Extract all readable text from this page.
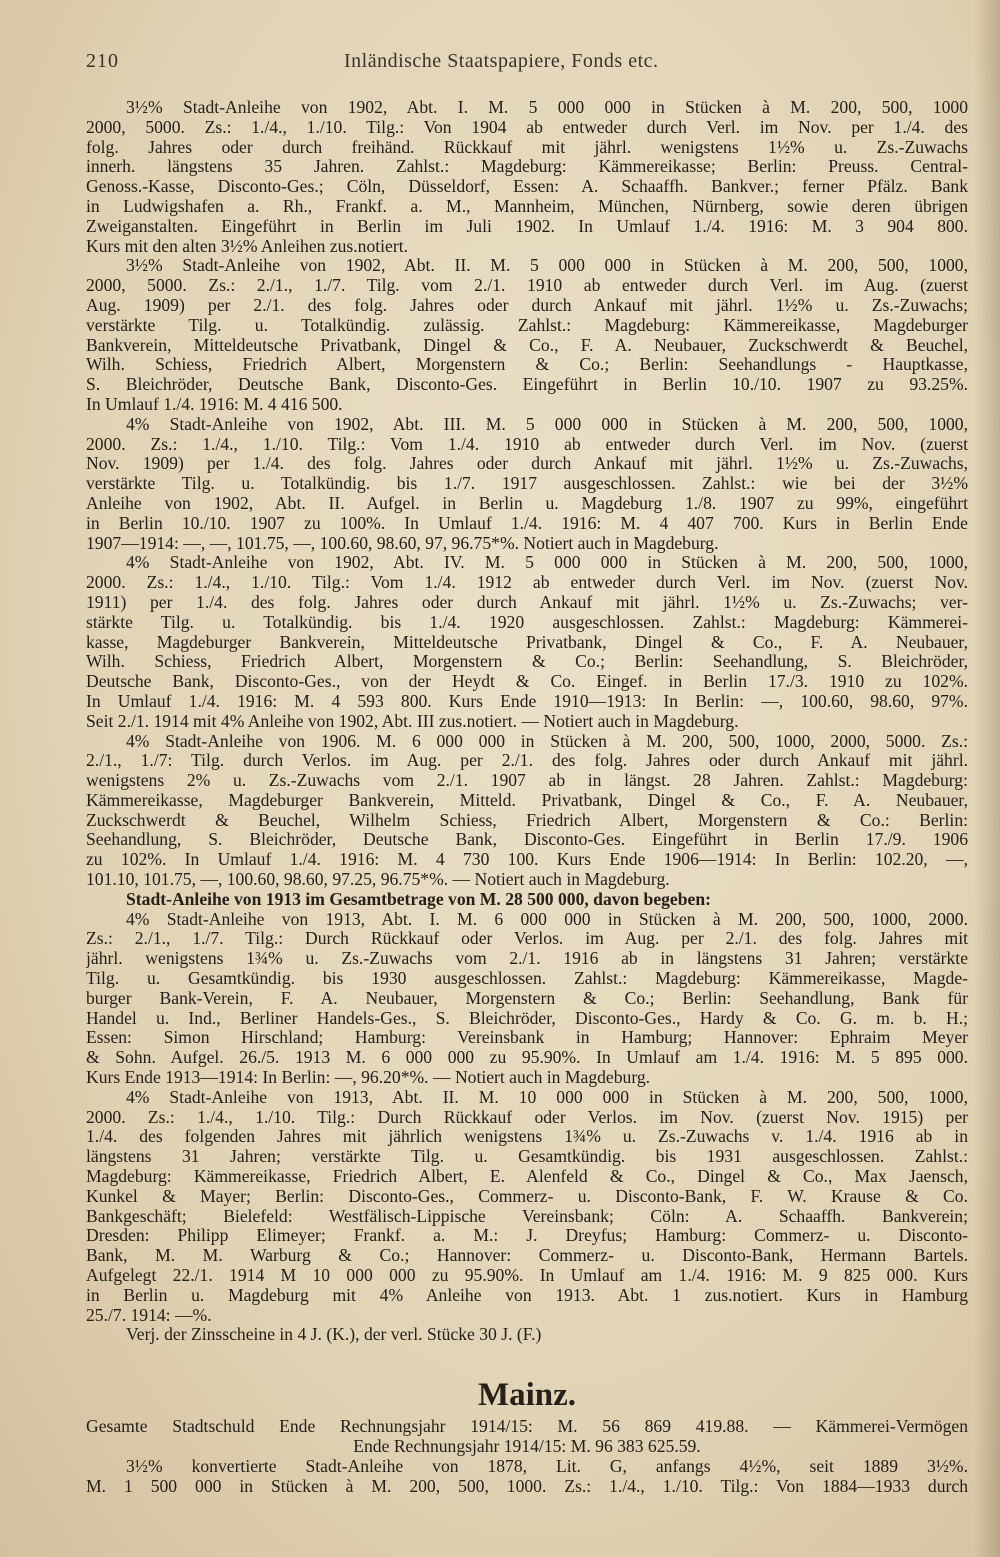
210	Inländische Staatspapiere, Fonds etc.
3½% Stadt-Anleihe von 1902, Abt. I. M. 5 000 000 in Stücken à M. 200, 500, 1000
2000, 5000. Zs.: 1./4., 1./10. Tilg.: Von 1904 ab entweder durch Verl. im Nov. per 1./4. des
folg. Jahres oder durch freihänd. Rückkauf mit jährl. wenigstens 1½% u. Zs.-Zuwachs
innerh. längstens 35 Jahren. Zahlst.: Magdeburg: Kämmereikasse; Berlin: Preuss. Central-
Genoss.-Kasse, Disconto-Ges.; Cöln, Düsseldorf, Essen: A. Schaaffh. Bankver.; ferner Pfälz. Bank
in Ludwigshafen a. Rh., Frankf. a. M., Mannheim, München, Nürnberg, sowie deren übrigen
Zweiganstalten. Eingeführt in Berlin im Juli 1902. In Umlauf 1./4. 1916: M. 3 904 800.
Kurs mit den alten 3½% Anleihen zus.notiert.
3½% Stadt-Anleihe von 1902, Abt. II. M. 5 000 000 in Stücken à M. 200, 500, 1000,
2000, 5000. Zs.: 2./1., 1./7. Tilg. vom 2./1. 1910 ab entweder durch Verl. im Aug. (zuerst
Aug. 1909) per 2./1. des folg. Jahres oder durch Ankauf mit jährl. 1½% u. Zs.-Zuwachs;
verstärkte Tilg. u. Totalkündig. zulässig. Zahlst.: Magdeburg: Kämmereikasse, Magdeburger
Bankverein, Mitteldeutsche Privatbank, Dingel & Co., F. A. Neubauer, Zuckschwerdt & Beuchel,
Wilh. Schiess, Friedrich Albert, Morgenstern & Co.; Berlin: Seehandlungs - Hauptkasse,
S. Bleichröder, Deutsche Bank, Disconto-Ges. Eingeführt in Berlin 10./10. 1907 zu 93.25%.
In Umlauf 1./4. 1916: M. 4 416 500.
4% Stadt-Anleihe von 1902, Abt. III. M. 5 000 000 in Stücken à M. 200, 500, 1000,
2000. Zs.: 1./4., 1./10. Tilg.: Vom 1./4. 1910 ab entweder durch Verl. im Nov. (zuerst
Nov. 1909) per 1./4. des folg. Jahres oder durch Ankauf mit jährl. 1½% u. Zs.-Zuwachs,
verstärkte Tilg. u. Totalkündig. bis 1./7. 1917 ausgeschlossen. Zahlst.: wie bei der 3½%
Anleihe von 1902, Abt. II. Aufgel. in Berlin u. Magdeburg 1./8. 1907 zu 99%, eingeführt
in Berlin 10./10. 1907 zu 100%. In Umlauf 1./4. 1916: M. 4 407 700. Kurs in Berlin Ende
1907—1914: —, —, 101.75, —, 100.60, 98.60, 97, 96.75*%. Notiert auch in Magdeburg.
4% Stadt-Anleihe von 1902, Abt. IV. M. 5 000 000 in Stücken à M. 200, 500, 1000,
2000. Zs.: 1./4., 1./10. Tilg.: Vom 1./4. 1912 ab entweder durch Verl. im Nov. (zuerst Nov.
1911) per 1./4. des folg. Jahres oder durch Ankauf mit jährl. 1½% u. Zs.-Zuwachs; ver-
stärkte Tilg. u. Totalkündig. bis 1./4. 1920 ausgeschlossen. Zahlst.: Magdeburg: Kämmerei-
kasse, Magdeburger Bankverein, Mitteldeutsche Privatbank, Dingel & Co., F. A. Neubauer,
Wilh. Schiess, Friedrich Albert, Morgenstern & Co.; Berlin: Seehandlung, S. Bleichröder,
Deutsche Bank, Disconto-Ges., von der Heydt & Co. Eingef. in Berlin 17./3. 1910 zu 102%.
In Umlauf 1./4. 1916: M. 4 593 800. Kurs Ende 1910—1913: In Berlin: —, 100.60, 98.60, 97%.
Seit 2./1. 1914 mit 4% Anleihe von 1902, Abt. III zus.notiert. — Notiert auch in Magdeburg.
4% Stadt-Anleihe von 1906. M. 6 000 000 in Stücken à M. 200, 500, 1000, 2000, 5000. Zs.:
2./1., 1./7: Tilg. durch Verlos. im Aug. per 2./1. des folg. Jahres oder durch Ankauf mit jährl.
wenigstens 2% u. Zs.-Zuwachs vom 2./1. 1907 ab in längst. 28 Jahren. Zahlst.: Magdeburg:
Kämmereikasse, Magdeburger Bankverein, Mitteld. Privatbank, Dingel & Co., F. A. Neubauer,
Zuckschwerdt & Beuchel, Wilhelm Schiess, Friedrich Albert, Morgenstern & Co.: Berlin:
Seehandlung, S. Bleichröder, Deutsche Bank, Disconto-Ges. Eingeführt in Berlin 17./9. 1906
zu 102%. In Umlauf 1./4. 1916: M. 4 730 100. Kurs Ende 1906—1914: In Berlin: 102.20, —,
101.10, 101.75, —, 100.60, 98.60, 97.25, 96.75*%. — Notiert auch in Magdeburg.
Stadt-Anleihe von 1913 im Gesamtbetrage von M. 28 500 000, davon begeben:
4% Stadt-Anleihe von 1913, Abt. I. M. 6 000 000 in Stücken à M. 200, 500, 1000, 2000.
Zs.: 2./1., 1./7. Tilg.: Durch Rückkauf oder Verlos. im Aug. per 2./1. des folg. Jahres mit
jährl. wenigstens 1¾% u. Zs.-Zuwachs vom 2./1. 1916 ab in längstens 31 Jahren; verstärkte
Tilg. u. Gesamtkündig. bis 1930 ausgeschlossen. Zahlst.: Magdeburg: Kämmereikasse, Magde-
burger Bank-Verein, F. A. Neubauer, Morgenstern & Co.; Berlin: Seehandlung, Bank für
Handel u. Ind., Berliner Handels-Ges., S. Bleichröder, Disconto-Ges., Hardy & Co. G. m. b. H.;
Essen: Simon Hirschland; Hamburg: Vereinsbank in Hamburg; Hannover: Ephraim Meyer
& Sohn. Aufgel. 26./5. 1913 M. 6 000 000 zu 95.90%. In Umlauf am 1./4. 1916: M. 5 895 000.
Kurs Ende 1913—1914: In Berlin: —, 96.20*%. — Notiert auch in Magdeburg.
4% Stadt-Anleihe von 1913, Abt. II. M. 10 000 000 in Stücken à M. 200, 500, 1000,
2000. Zs.: 1./4., 1./10. Tilg.: Durch Rückkauf oder Verlos. im Nov. (zuerst Nov. 1915) per
1./4. des folgenden Jahres mit jährlich wenigstens 1¾% u. Zs.-Zuwachs v. 1./4. 1916 ab in
längstens 31 Jahren; verstärkte Tilg. u. Gesamtkündig. bis 1931 ausgeschlossen. Zahlst.:
Magdeburg: Kämmereikasse, Friedrich Albert, E. Alenfeld & Co., Dingel & Co., Max Jaensch,
Kunkel & Mayer; Berlin: Disconto-Ges., Commerz- u. Disconto-Bank, F. W. Krause & Co.
Bankgeschäft; Bielefeld: Westfälisch-Lippische Vereinsbank; Cöln: A. Schaaffh. Bankverein;
Dresden: Philipp Elimeyer; Frankf. a. M.: J. Dreyfus; Hamburg: Commerz- u. Disconto-
Bank, M. M. Warburg & Co.; Hannover: Commerz- u. Disconto-Bank, Hermann Bartels.
Aufgelegt 22./1. 1914 M 10 000 000 zu 95.90%. In Umlauf am 1./4. 1916: M. 9 825 000. Kurs
in Berlin u. Magdeburg mit 4% Anleihe von 1913. Abt. 1 zus.notiert. Kurs in Hamburg
25./7. 1914: —%.
Verj. der Zinsscheine in 4 J. (K.), der verl. Stücke 30 J. (F.)
Mainz.
Gesamte Stadtschuld Ende Rechnungsjahr 1914/15: M. 56 869 419.88. — Kämmerei-Vermögen
Ende Rechnungsjahr 1914/15: M. 96 383 625.59.
3½% konvertierte Stadt-Anleihe von 1878, Lit. G, anfangs 4½%, seit 1889 3½%.
M. 1 500 000 in Stücken à M. 200, 500, 1000. Zs.: 1./4., 1./10. Tilg.: Von 1884—1933 durch
